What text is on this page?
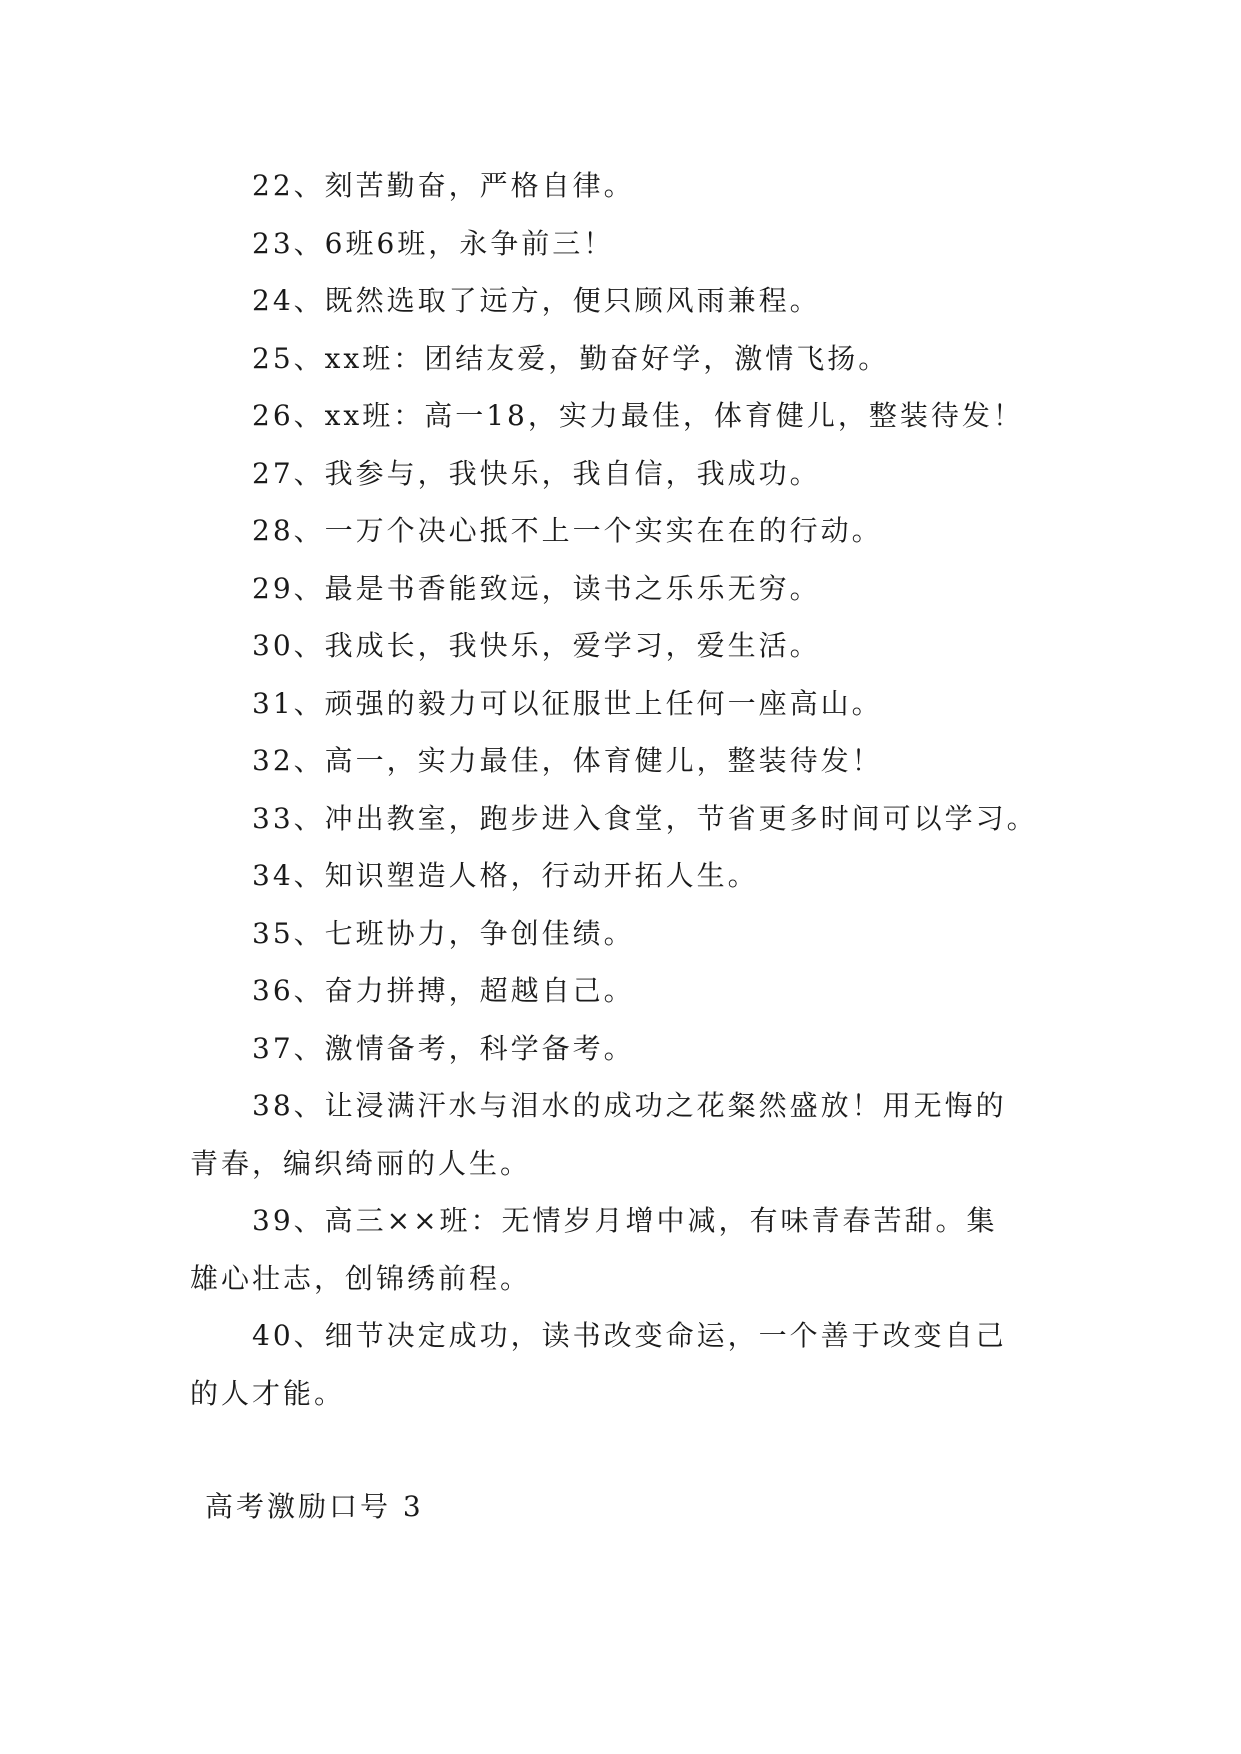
22、刻苦勤奋，严格自律。
23、6班6班，永争前三！
24、既然选取了远方，便只顾风雨兼程。
25、xx班：团结友爱，勤奋好学，激情飞扬。
26、xx班：高一18，实力最佳，体育健儿，整装待发！
27、我参与，我快乐，我自信，我成功。
28、一万个决心抵不上一个实实在在的行动。
29、最是书香能致远，读书之乐乐无穷。
30、我成长，我快乐，爱学习，爱生活。
31、顽强的毅力可以征服世上任何一座高山。
32、高一，实力最佳，体育健儿，整装待发！
33、冲出教室，跑步进入食堂，节省更多时间可以学习。
34、知识塑造人格，行动开拓人生。
35、七班协力，争创佳绩。
36、奋力拼搏，超越自己。
37、激情备考，科学备考。
38、让浸满汗水与泪水的成功之花粲然盛放！用无悔的
青春，编织绮丽的人生。
39、高三××班：无情岁月增中减，有味青春苦甜。集
雄心壮志，创锦绣前程。
40、细节决定成功，读书改变命运，一个善于改变自己
的人才能。
高考激励口号 3
